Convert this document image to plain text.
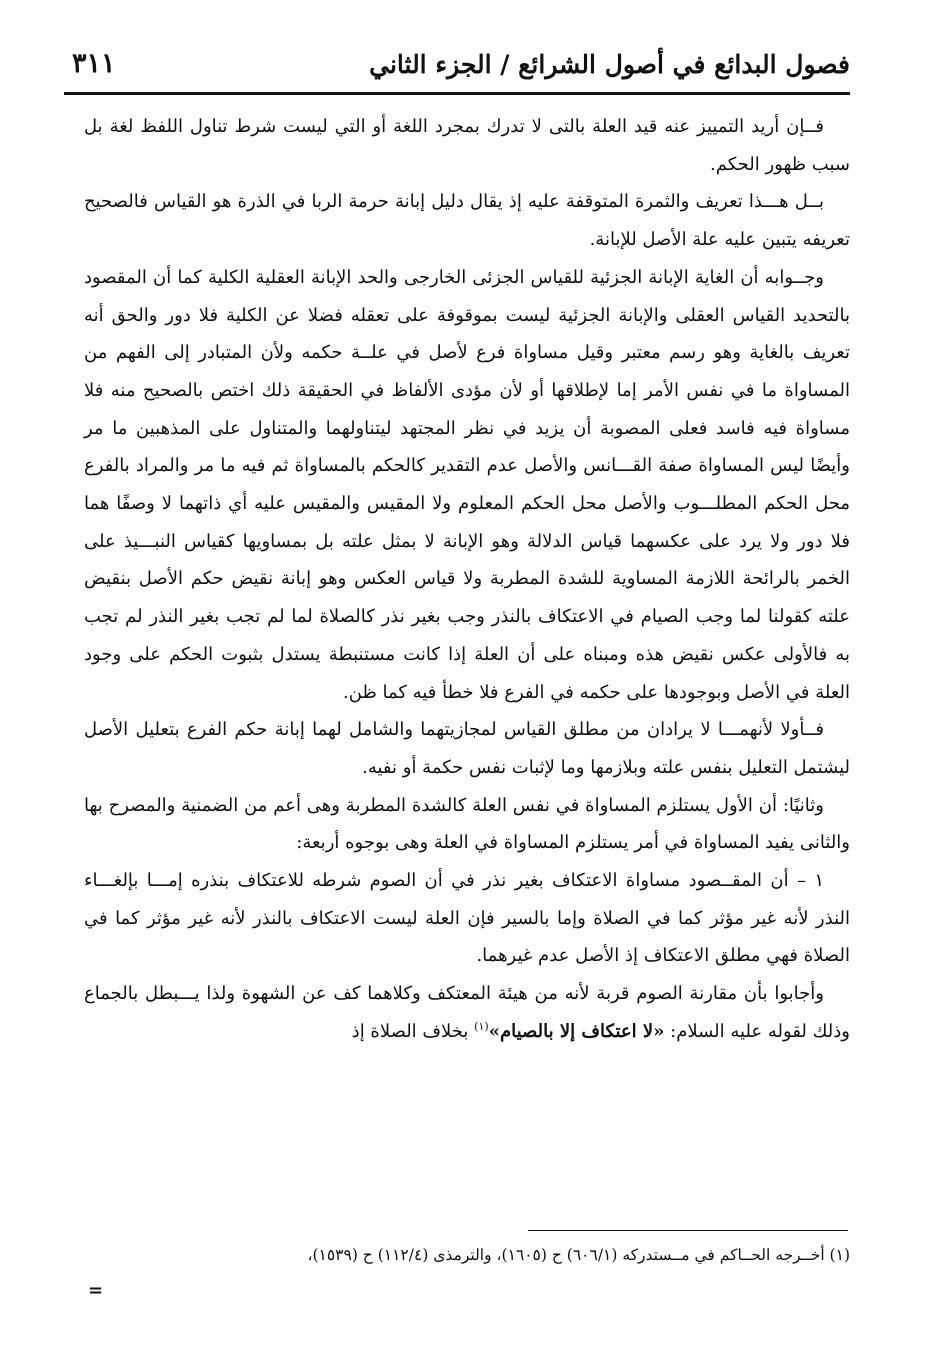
فصول البدائع في أصول الشرائع / الجزء الثاني
٣١١

فــإن أريد التمييز عنه قيد العلة بالتى لا تدرك بمجرد اللغة أو التي ليست شرط تناول اللفظ لغة بل سبب ظهور الحكم.

بــل هـــذا تعريف والثمرة المتوقفة عليه إذ يقال دليل إبانة حرمة الربا في الذرة هو القياس فالصحيح تعريفه يتبين عليه علة الأصل للإبانة.

وجــوابه أن الغاية الإبانة الجزئية للقياس الجزئى الخارجى والحد الإبانة العقلية الكلية كما أن المقصود بالتحديد القياس العقلى والإبانة الجزئية ليست بموقوفة على تعقله فضلا عن الكلية فلا دور والحق أنه تعريف بالغاية وهو رسم معتبر وقيل مساواة فرع لأصل في علــة حكمه ولأن المتبادر إلى الفهم من المساواة ما في نفس الأمر إما لإطلاقها أو لأن مؤدى الألفاظ في الحقيقة ذلك اختص بالصحيح منه فلا مساواة فيه فاسد فعلى المصوبة أن يزيد في نظر المجتهد ليتناولهما والمتناول على المذهبين ما مر وأيضًا ليس المساواة صفة القـــانس والأصل عدم التقدير كالحكم بالمساواة ثم فيه ما مر والمراد بالفرع محل الحكم المطلـــوب والأصل محل الحكم المعلوم ولا المقيس والمقيس عليه أي ذاتهما لا وصفًا هما فلا دور ولا يرد على عكسهما قياس الدلالة وهو الإبانة لا بمثل علته بل بمساويها كقياس النبـــيذ على الخمر بالرائحة اللازمة المساوية للشدة المطربة ولا قياس العكس وهو إبانة نقيض حكم الأصل بنقيض علته كقولنا لما وجب الصيام في الاعتكاف بالنذر وجب بغير نذر كالصلاة لما لم تجب بغير النذر لم تجب به فالأولى عكس نقيض هذه ومبناه على أن العلة إذا كانت مستنبطة يستدل بثبوت الحكم على وجود العلة في الأصل وبوجودها على حكمه في الفرع فلا خطأ فيه كما ظن.

فــأولا لأنهمـــا لا يرادان من مطلق القياس لمجازيتهما والشامل لهما إبانة حكم الفرع بتعليل الأصل ليشتمل التعليل بنفس علته وبلازمها وما لإثبات نفس حكمة أو نفيه.

وثانيًا: أن الأول يستلزم المساواة في نفس العلة كالشدة المطربة وهى أعم من الضمنية والمصرح بها والثانى يفيد المساواة في أمر يستلزم المساواة في العلة وهى بوجوه أربعة:

١ – أن المقــصود مساواة الاعتكاف بغير نذر في أن الصوم شرطه للاعتكاف بنذره إمـــا بإلغـــاء النذر لأنه غير مؤثر كما في الصلاة وإما بالسير فإن العلة ليست الاعتكاف بالنذر لأنه غير مؤثر كما في الصلاة فهي مطلق الاعتكاف إذ الأصل عدم غيرهما.

وأجابوا بأن مقارنة الصوم قربة لأنه من هيئة المعتكف وكلاهما كف عن الشهوة ولذا يـــبطل بالجماع وذلك لقوله عليه السلام: «لا اعتكاف إلا بالصيام»$^{(١)}$ بخلاف الصلاة إذ

(١) أخــرجه الحــاكم في مــستدركه (٦٠٦/١) ح (١٦٠٥)، والترمذى (١١٢/٤) ح (١٥٣٩)،
=
